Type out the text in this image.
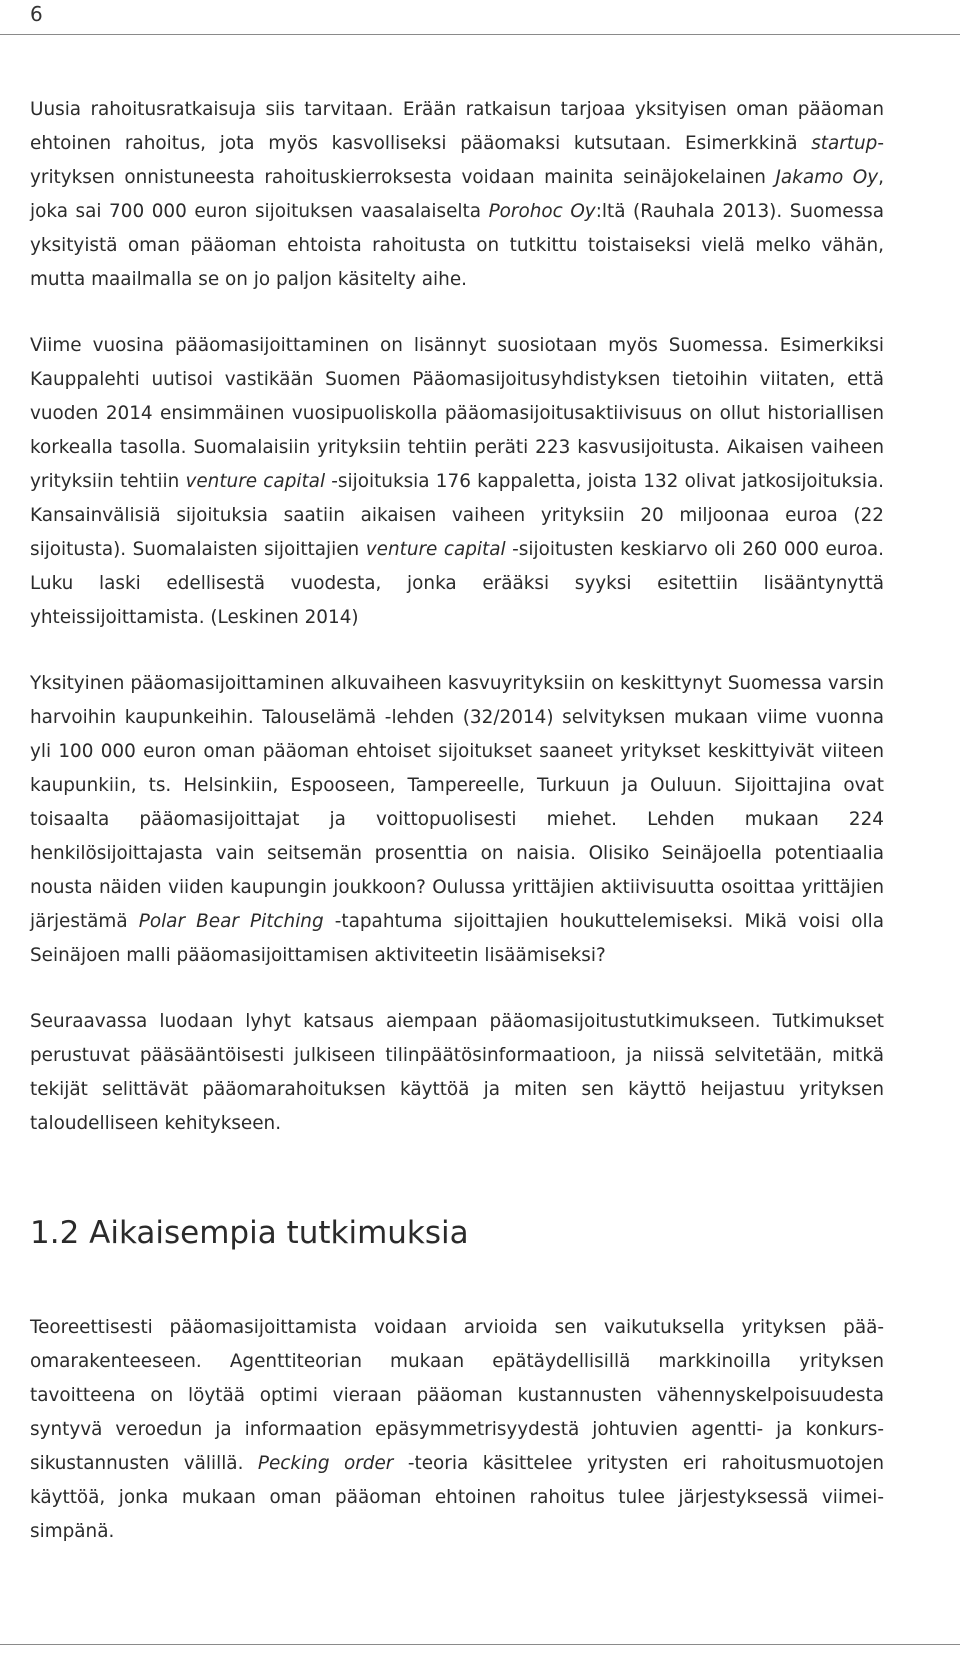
6

Uusia rahoitusratkaisuja siis tarvitaan. Erään ratkaisun tarjoaa yksityisen oman pääoman ehtoinen rahoitus, jota myös kasvolliseksi pääomaksi kutsutaan. Esimerkkinä startup-yrityksen onnistuneesta rahoituskierroksesta voidaan mainita seinäjokelainen Jakamo Oy, joka sai 700 000 euron sijoituksen vaasalaiselta Porohoc Oy:ltä (Rauhala 2013). Suomessa yksityistä oman pääoman ehtoista rahoitusta on tutkittu toistaiseksi vielä melko vähän, mutta maailmalla se on jo paljon käsitelty aihe.

Viime vuosina pääomasijoittaminen on lisännyt suosiotaan myös Suomessa. Esimerkiksi Kauppalehti uutisoi vastikään Suomen Pääomasijoitusyhdistyksen tietoihin viitaten, että vuoden 2014 ensimmäinen vuosipuoliskolla pääomasijoitusaktiivisuus on ollut historiallisen korkealla tasolla. Suomalaisiin yrityksiin tehtiin peräti 223 kasvusijoitusta. Aikaisen vaiheen yrityksiin tehtiin venture capital -sijoituksia 176 kappaletta, joista 132 olivat jatkosijoituksia. Kansainvälisiä sijoituksia saatiin aikaisen vaiheen yrityksiin 20 miljoonaa euroa (22 sijoitusta). Suomalaisten sijoittajien venture capital -sijoitusten keskiarvo oli 260 000 euroa. Luku laski edellisestä vuodesta, jonka erääksi syyksi esitettiin lisääntynyttä yhteissijoittamista. (Leskinen 2014)

Yksityinen pääomasijoittaminen alkuvaiheen kasvuyrityksiin on keskittynyt Suomessa varsin harvoihin kaupunkeihin. Talouselämä -lehden (32/2014) selvityksen mukaan viime vuonna yli 100 000 euron oman pääoman ehtoiset sijoitukset saaneet yritykset keskittyivät viiteen kaupunkiin, ts. Helsinkiin, Espooseen, Tampereelle, Turkuun ja Ouluun. Sijoittajina ovat toisaalta pääomasijoittajat ja voittopuolisesti miehet. Lehden mukaan 224 henkilösijoittajasta vain seitsemän prosenttia on naisia. Olisiko Seinäjoella potentiaalia nousta näiden viiden kaupungin joukkoon? Oulussa yrittäjien aktiivisuutta osoittaa yrittäjien järjestämä Polar Bear Pitching -tapahtuma sijoittajien houkuttelemiseksi. Mikä voisi olla Seinäjoen malli pääomasijoittamisen aktiviteetin lisäämiseksi?

Seuraavassa luodaan lyhyt katsaus aiempaan pääomasijoitustutkimukseen. Tutkimukset perustuvat pääsääntöisesti julkiseen tilinpäätösinformaatioon, ja niissä selvitetään, mitkä tekijät selittävät pääomarahoituksen käyttöä ja miten sen käyttö heijastuu yrityksen taloudelliseen kehitykseen.

1.2 Aikaisempia tutkimuksia

Teoreettisesti pääomasijoittamista voidaan arvioida sen vaikutuksella yrityksen pääomarakenteeseen. Agenttiteorian mukaan epätäydellisillä markkinoilla yrityksen tavoitteena on löytää optimi vieraan pääoman kustannusten vähennyskelpoisuudesta syntyvä veroedun ja informaation epäsymmetrisyydestä johtuvien agentti- ja konkurssikustannusten välillä. Pecking order -teoria käsittelee yritysten eri rahoitusmuotojen käyttöä, jonka mukaan oman pääoman ehtoinen rahoitus tulee järjestyksessä viimeisimpänä.
